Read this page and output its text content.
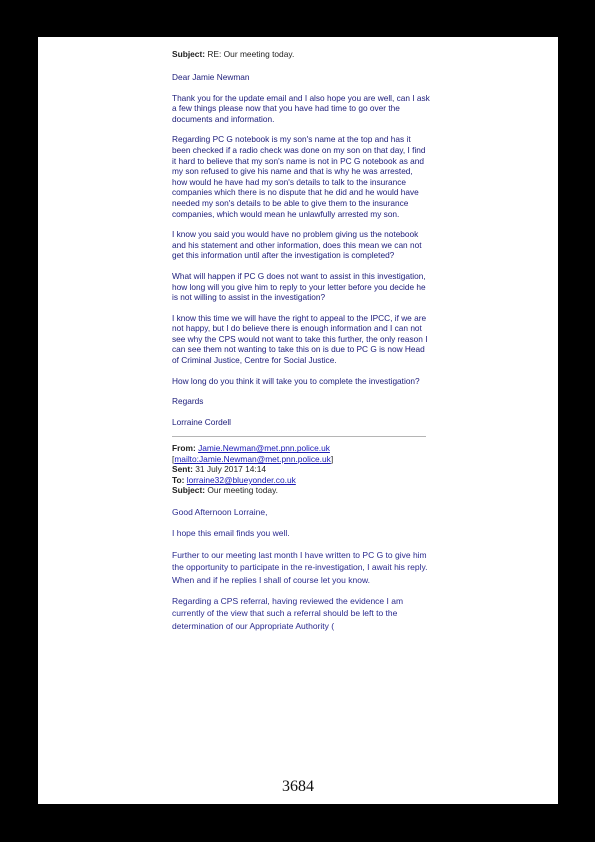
Subject: RE: Our meeting today.

Dear Jamie Newman

Thank you for the update email and I also hope you are well, can I ask a few things please now that you have had time to go over the documents and information.

Regarding PC G notebook is my son's name at the top and has it been checked if a radio check was done on my son on that day, I find it hard to believe that my son's name is not in PC G notebook as and my son refused to give his name and that is why he was arrested, how would he have had my son's details to talk to the insurance companies which there is no dispute that he did and he would have needed my son's details to be able to give them to the insurance companies, which would mean he unlawfully arrested my son.

I know you said you would have no problem giving us the notebook and his statement and other information, does this mean we can not get this information until after the investigation is completed?

What will happen if PC G does not want to assist in this investigation, how long will you give him to reply to your letter before you decide he is not willing to assist in the investigation?

I know this time we will have the right to appeal to the IPCC, if we are not happy, but I do believe there is enough information and I can not see why the CPS would not want to take this further, the only reason I can see them not wanting to take this on is due to PC G is now Head of Criminal Justice, Centre for Social Justice.

How long do you think it will take you to complete the investigation?

Regards

Lorraine Cordell

From: Jamie.Newman@met.pnn.police.uk
[mailto:Jamie.Newman@met.pnn.police.uk]
Sent: 31 July 2017 14:14
To: lorraine32@blueyonder.co.uk
Subject: Our meeting today.

Good Afternoon Lorraine,

I hope this email finds you well.

Further to our meeting last month I have written to PC G to give him the opportunity to participate in the re-investigation, I await his reply. When and if he replies I shall of course let you know.

Regarding a CPS referral, having reviewed the evidence I am currently of the view that such a referral should be left to the determination of our Appropriate Authority (

3684
